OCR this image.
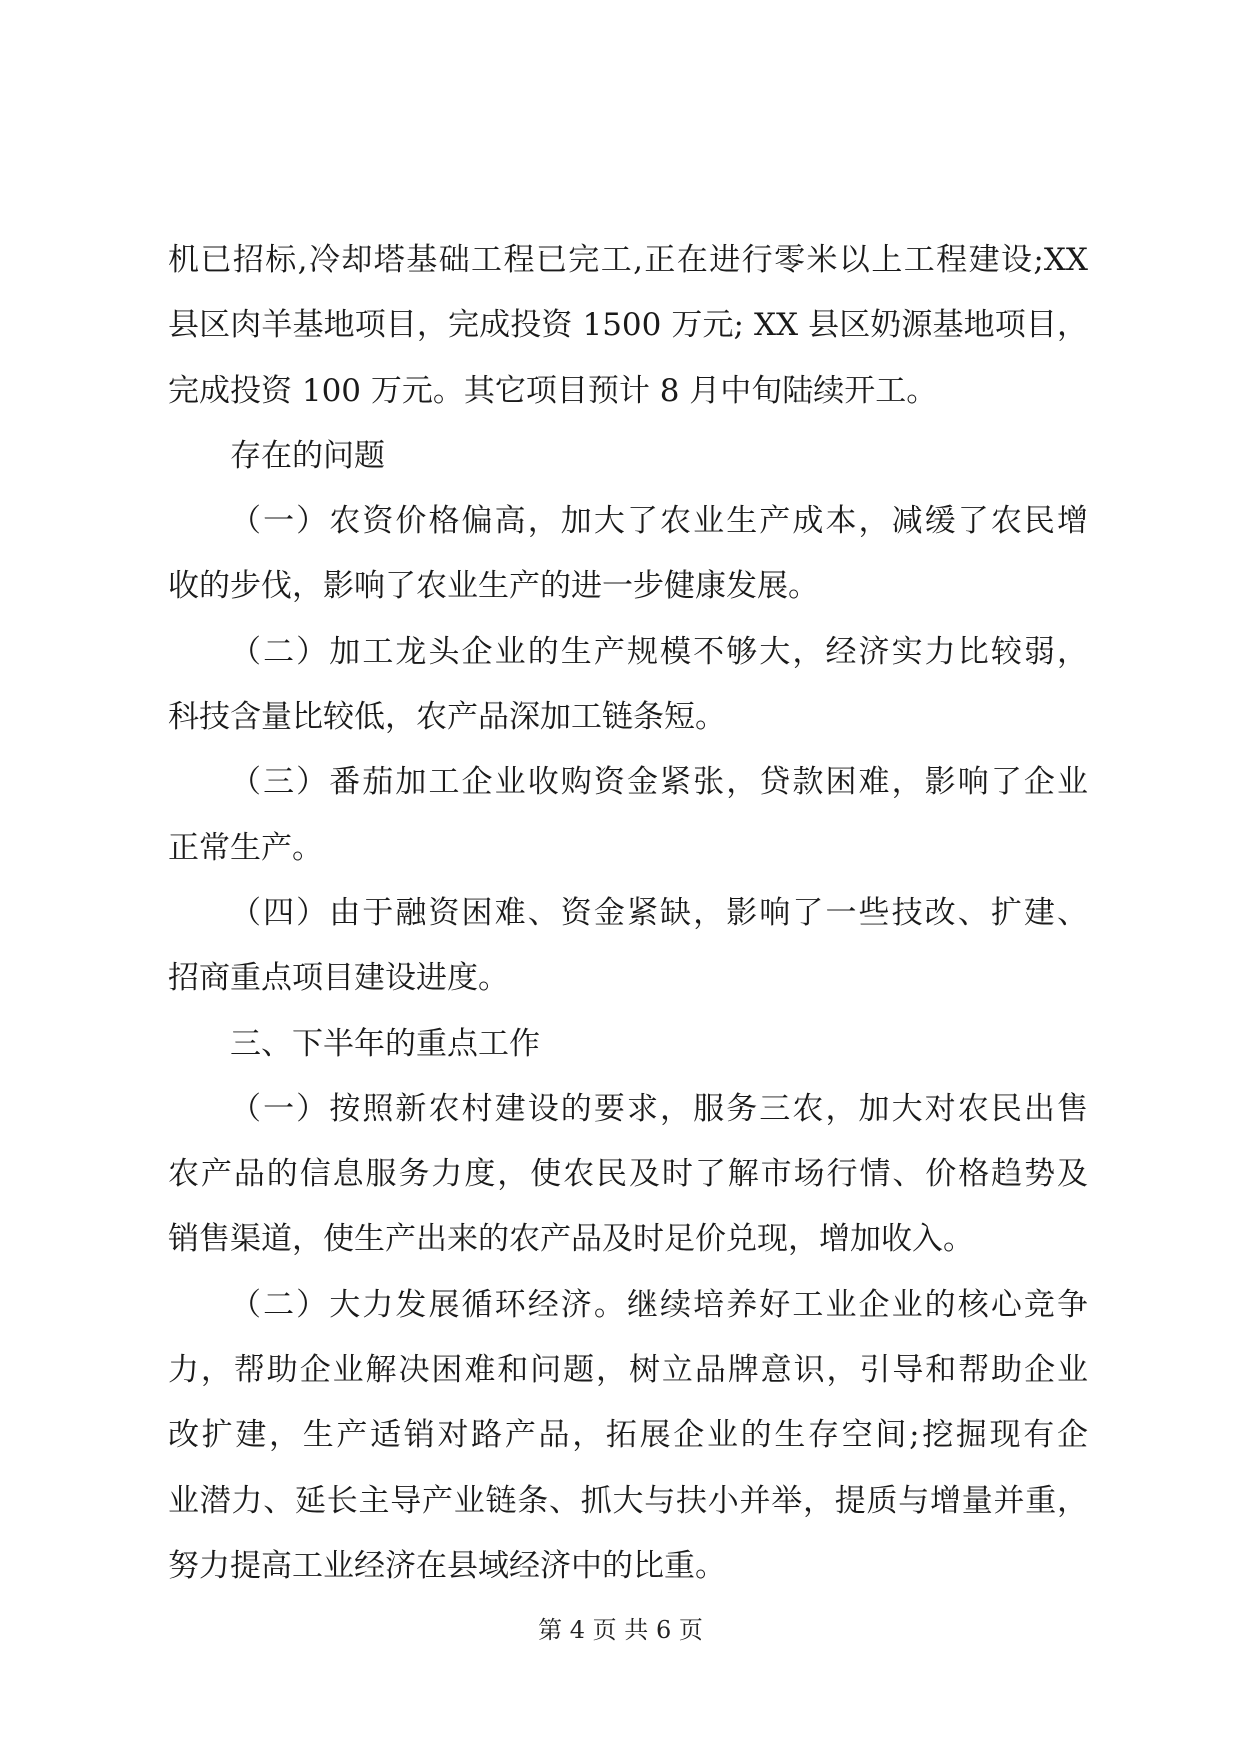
机已招标,冷却塔基础工程已完工,正在进行零米以上工程建设;XX
县区肉羊基地项目，完成投资 1500 万元; XX 县区奶源基地项目，
完成投资 100 万元。其它项目预计 8 月中旬陆续开工。
存在的问题
（一）农资价格偏高，加大了农业生产成本，减缓了农民增
收的步伐，影响了农业生产的进一步健康发展。
（二）加工龙头企业的生产规模不够大，经济实力比较弱，
科技含量比较低，农产品深加工链条短。
（三）番茄加工企业收购资金紧张，贷款困难，影响了企业
正常生产。
（四）由于融资困难、资金紧缺，影响了一些技改、扩建、
招商重点项目建设进度。
三、下半年的重点工作
（一）按照新农村建设的要求，服务三农，加大对农民出售
农产品的信息服务力度，使农民及时了解市场行情、价格趋势及
销售渠道，使生产出来的农产品及时足价兑现，增加收入。
（二）大力发展循环经济。继续培养好工业企业的核心竞争
力，帮助企业解决困难和问题，树立品牌意识，引导和帮助企业
改扩建，生产适销对路产品，拓展企业的生存空间;挖掘现有企
业潜力、延长主导产业链条、抓大与扶小并举，提质与增量并重，
努力提高工业经济在县域经济中的比重。
第 4 页 共 6 页
